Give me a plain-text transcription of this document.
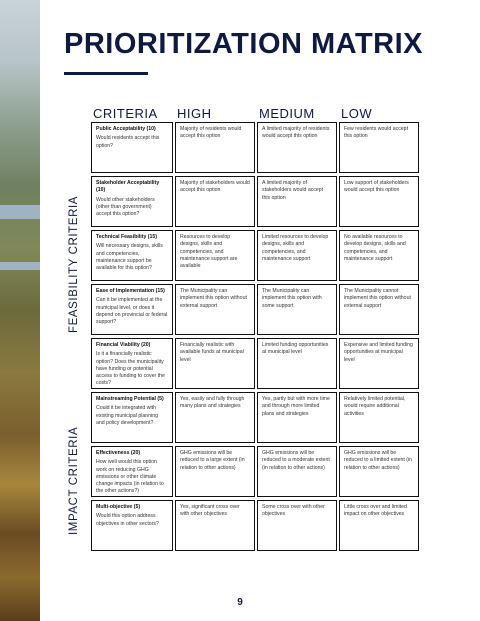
PRIORITIZATION MATRIX
CRITERIA HIGH	MEDIUM LOW
FEASIBILITY CRITERIA
IMPACT CRITERIA
Public Acceptability (10)
Would residents accept this option?
Majority of residents would accept this option
A limited majority of residents would accept this option
Few residents would accept this option
Stakeholder Acceptability (10)
Would other stakeholders (other than government) accept this option?
Majority of stakeholders would accept this option
A limited majority of stakeholders would accept this option
Low support of stakeholders would accept this option
Technical Feasibility (15)
Will necessary designs, skills and competencies, maintenance support be available for this option?
Resources to develop designs, skills and competencies, and maintenance support are available
Limited resources to develop designs, skills and competencies, and maintenance support
No available resources to develop designs, skills and competencies, and maintenance support
Ease of Implementation (15)
Can it be implemented at the municipal level, or does it depend on provincial or federal support?
The Municipality can implement this option without external support
The Municipality can implement this option with some support
The Municipality cannot implement this option without external support
Financial Viability (20)
Is it a financially realistic option? Does the municipality have funding or potential access to funding to cover the costs?
Financially realistic with available funds at municipal level
Limited funding opportunities at municipal level
Expensive and limited funding opportunities at municipal level
Mainstreaming Potential (5)
Could it be integrated with existing municipal planning and policy development?
Yes, easily and fully through many plans and strategies
Yes, partly but with more time and through more limited plans and strategies
Relatively limited potential, would require additional activities
Effectiveness (20)
How well would this option work on reducing GHG emissions or other climate change impacts (in relation to the other actions?)
GHG emissions will be reduced to a large extent (in relation to other actions)
GHG emissions will be reduced to a moderate extent (in relation to other actions)
GHG emissions will be reduced to a limited extent (in relation to other actions)
Multi-objective (5)
Would this option address objectives in other sectors?
Yes, significant cross over with other objectives
Some cross over with other objectives
Little cross over and limited impact on other objectives
9
